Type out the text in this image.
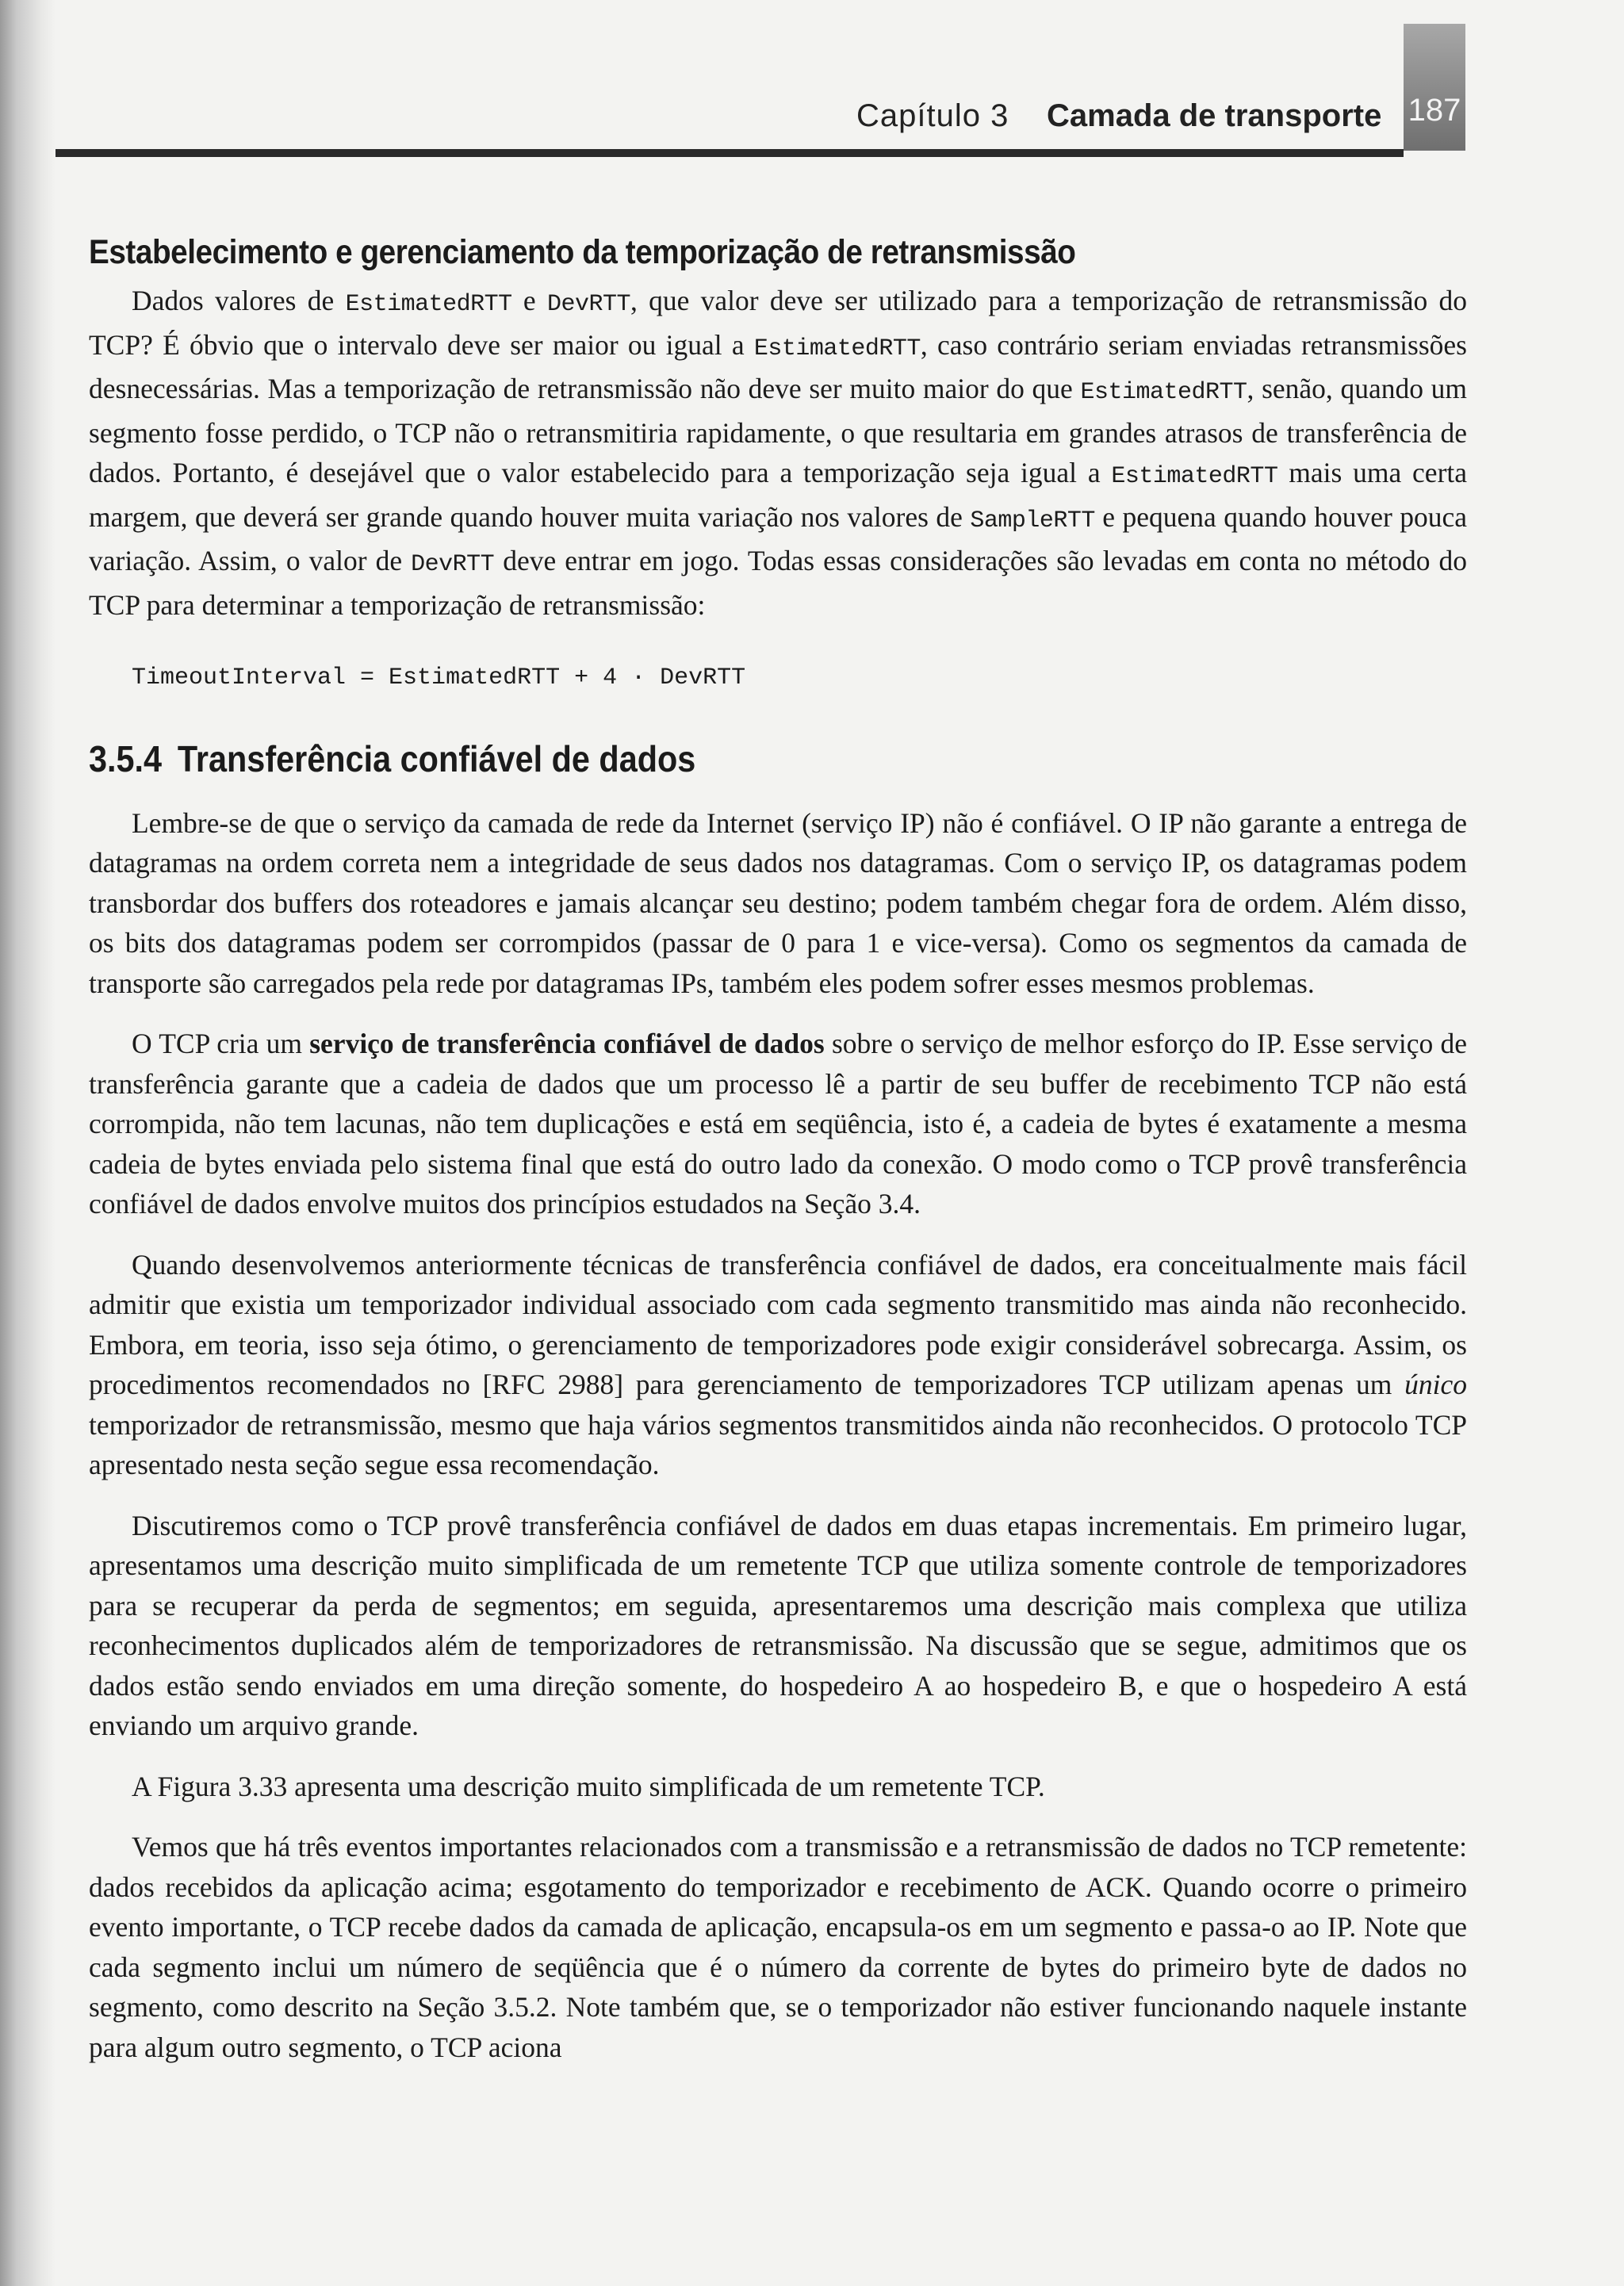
Capítulo 3 Camada de transporte 187
Estabelecimento e gerenciamento da temporização de retransmissão

Dados valores de EstimatedRTT e DevRTT, que valor deve ser utilizado para a temporização de retransmissão do TCP? É óbvio que o intervalo deve ser maior ou igual a EstimatedRTT, caso contrário seriam enviadas retransmissões desnecessárias. Mas a temporização de retransmissão não deve ser muito maior do que EstimatedRTT, senão, quando um segmento fosse perdido, o TCP não o retransmitiria rapidamente, o que resultaria em grandes atrasos de transferência de dados. Portanto, é desejável que o valor estabelecido para a temporização seja igual a EstimatedRTT mais uma certa margem, que deverá ser grande quando houver muita variação nos valores de SampleRTT e pequena quando houver pouca variação. Assim, o valor de DevRTT deve entrar em jogo. Todas essas considerações são levadas em conta no método do TCP para determinar a temporização de retransmissão:

TimeoutInterval = EstimatedRTT + 4 · DevRTT
3.5.4 Transferência confiável de dados

Lembre-se de que o serviço da camada de rede da Internet (serviço IP) não é confiável. O IP não garante a entrega de datagramas na ordem correta nem a integridade de seus dados nos datagramas. Com o serviço IP, os datagramas podem transbordar dos buffers dos roteadores e jamais alcançar seu destino; podem também chegar fora de ordem. Além disso, os bits dos datagramas podem ser corrompidos (passar de 0 para 1 e vice-versa). Como os segmentos da camada de transporte são carregados pela rede por datagramas IPs, também eles podem sofrer esses mesmos problemas.

O TCP cria um serviço de transferência confiável de dados sobre o serviço de melhor esforço do IP. Esse serviço de transferência garante que a cadeia de dados que um processo lê a partir de seu buffer de recebimento TCP não está corrompida, não tem lacunas, não tem duplicações e está em seqüência, isto é, a cadeia de bytes é exatamente a mesma cadeia de bytes enviada pelo sistema final que está do outro lado da conexão. O modo como o TCP provê transferência confiável de dados envolve muitos dos princípios estudados na Seção 3.4.

Quando desenvolvemos anteriormente técnicas de transferência confiável de dados, era conceitualmente mais fácil admitir que existia um temporizador individual associado com cada segmento transmitido mas ainda não reconhecido. Embora, em teoria, isso seja ótimo, o gerenciamento de temporizadores pode exigir considerável sobrecarga. Assim, os procedimentos recomendados no [RFC 2988] para gerenciamento de temporizadores TCP utilizam apenas um único temporizador de retransmissão, mesmo que haja vários segmentos transmitidos ainda não reconhecidos. O protocolo TCP apresentado nesta seção segue essa recomendação.

Discutiremos como o TCP provê transferência confiável de dados em duas etapas incrementais. Em primeiro lugar, apresentamos uma descrição muito simplificada de um remetente TCP que utiliza somente controle de temporizadores para se recuperar da perda de segmentos; em seguida, apresentaremos uma descrição mais complexa que utiliza reconhecimentos duplicados além de temporizadores de retransmissão. Na discussão que se segue, admitimos que os dados estão sendo enviados em uma direção somente, do hospedeiro A ao hospedeiro B, e que o hospedeiro A está enviando um arquivo grande.

A Figura 3.33 apresenta uma descrição muito simplificada de um remetente TCP.

Vemos que há três eventos importantes relacionados com a transmissão e a retransmissão de dados no TCP remetente: dados recebidos da aplicação acima; esgotamento do temporizador e recebimento de ACK. Quando ocorre o primeiro evento importante, o TCP recebe dados da camada de aplicação, encapsula-os em um segmento e passa-o ao IP. Note que cada segmento inclui um número de seqüência que é o número da corrente de bytes do primeiro byte de dados no segmento, como descrito na Seção 3.5.2. Note também que, se o temporizador não estiver funcionando naquele instante para algum outro segmento, o TCP aciona
